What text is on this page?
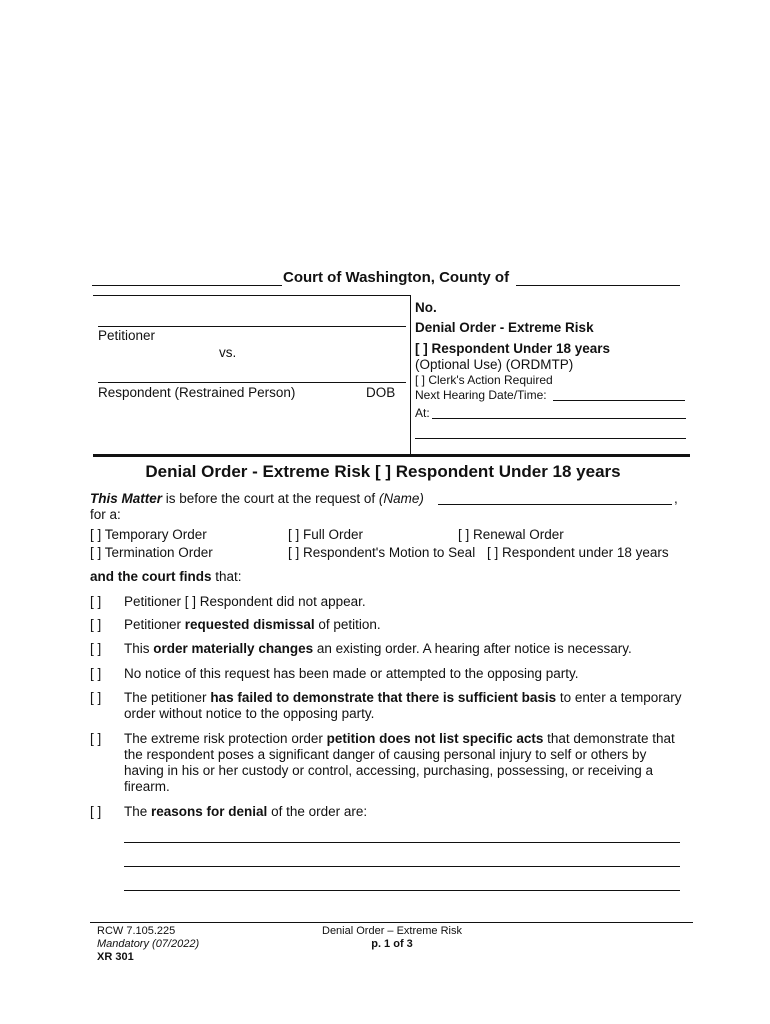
Court of Washington, County of
Petitioner
vs.
Respondent (Restrained Person)	DOB
No.
Denial Order - Extreme Risk
[ ] Respondent Under 18 years
(Optional Use) (ORDMTP)
[ ] Clerk's Action Required
Next Hearing Date/Time:
At:
Denial Order - Extreme Risk [ ] Respondent Under 18 years
This Matter is before the court at the request of (Name)	,
for a:
[ ] Temporary Order	[ ] Full Order	[ ] Renewal Order
[ ] Termination Order	[ ] Respondent's Motion to Seal [ ] Respondent under 18 years
and the court finds that:
[ ] Petitioner [ ] Respondent did not appear.
[ ] Petitioner requested dismissal of petition.
[ ] This order materially changes an existing order. A hearing after notice is necessary.
[ ] No notice of this request has been made or attempted to the opposing party.
[ ] The petitioner has failed to demonstrate that there is sufficient basis to enter a temporary order without notice to the opposing party.
[ ] The extreme risk protection order petition does not list specific acts that demonstrate that the respondent poses a significant danger of causing personal injury to self or others by having in his or her custody or control, accessing, purchasing, possessing, or receiving a firearm.
[ ] The reasons for denial of the order are:
RCW 7.105.225
Mandatory (07/2022)
XR 301
Denial Order – Extreme Risk
p. 1 of 3
